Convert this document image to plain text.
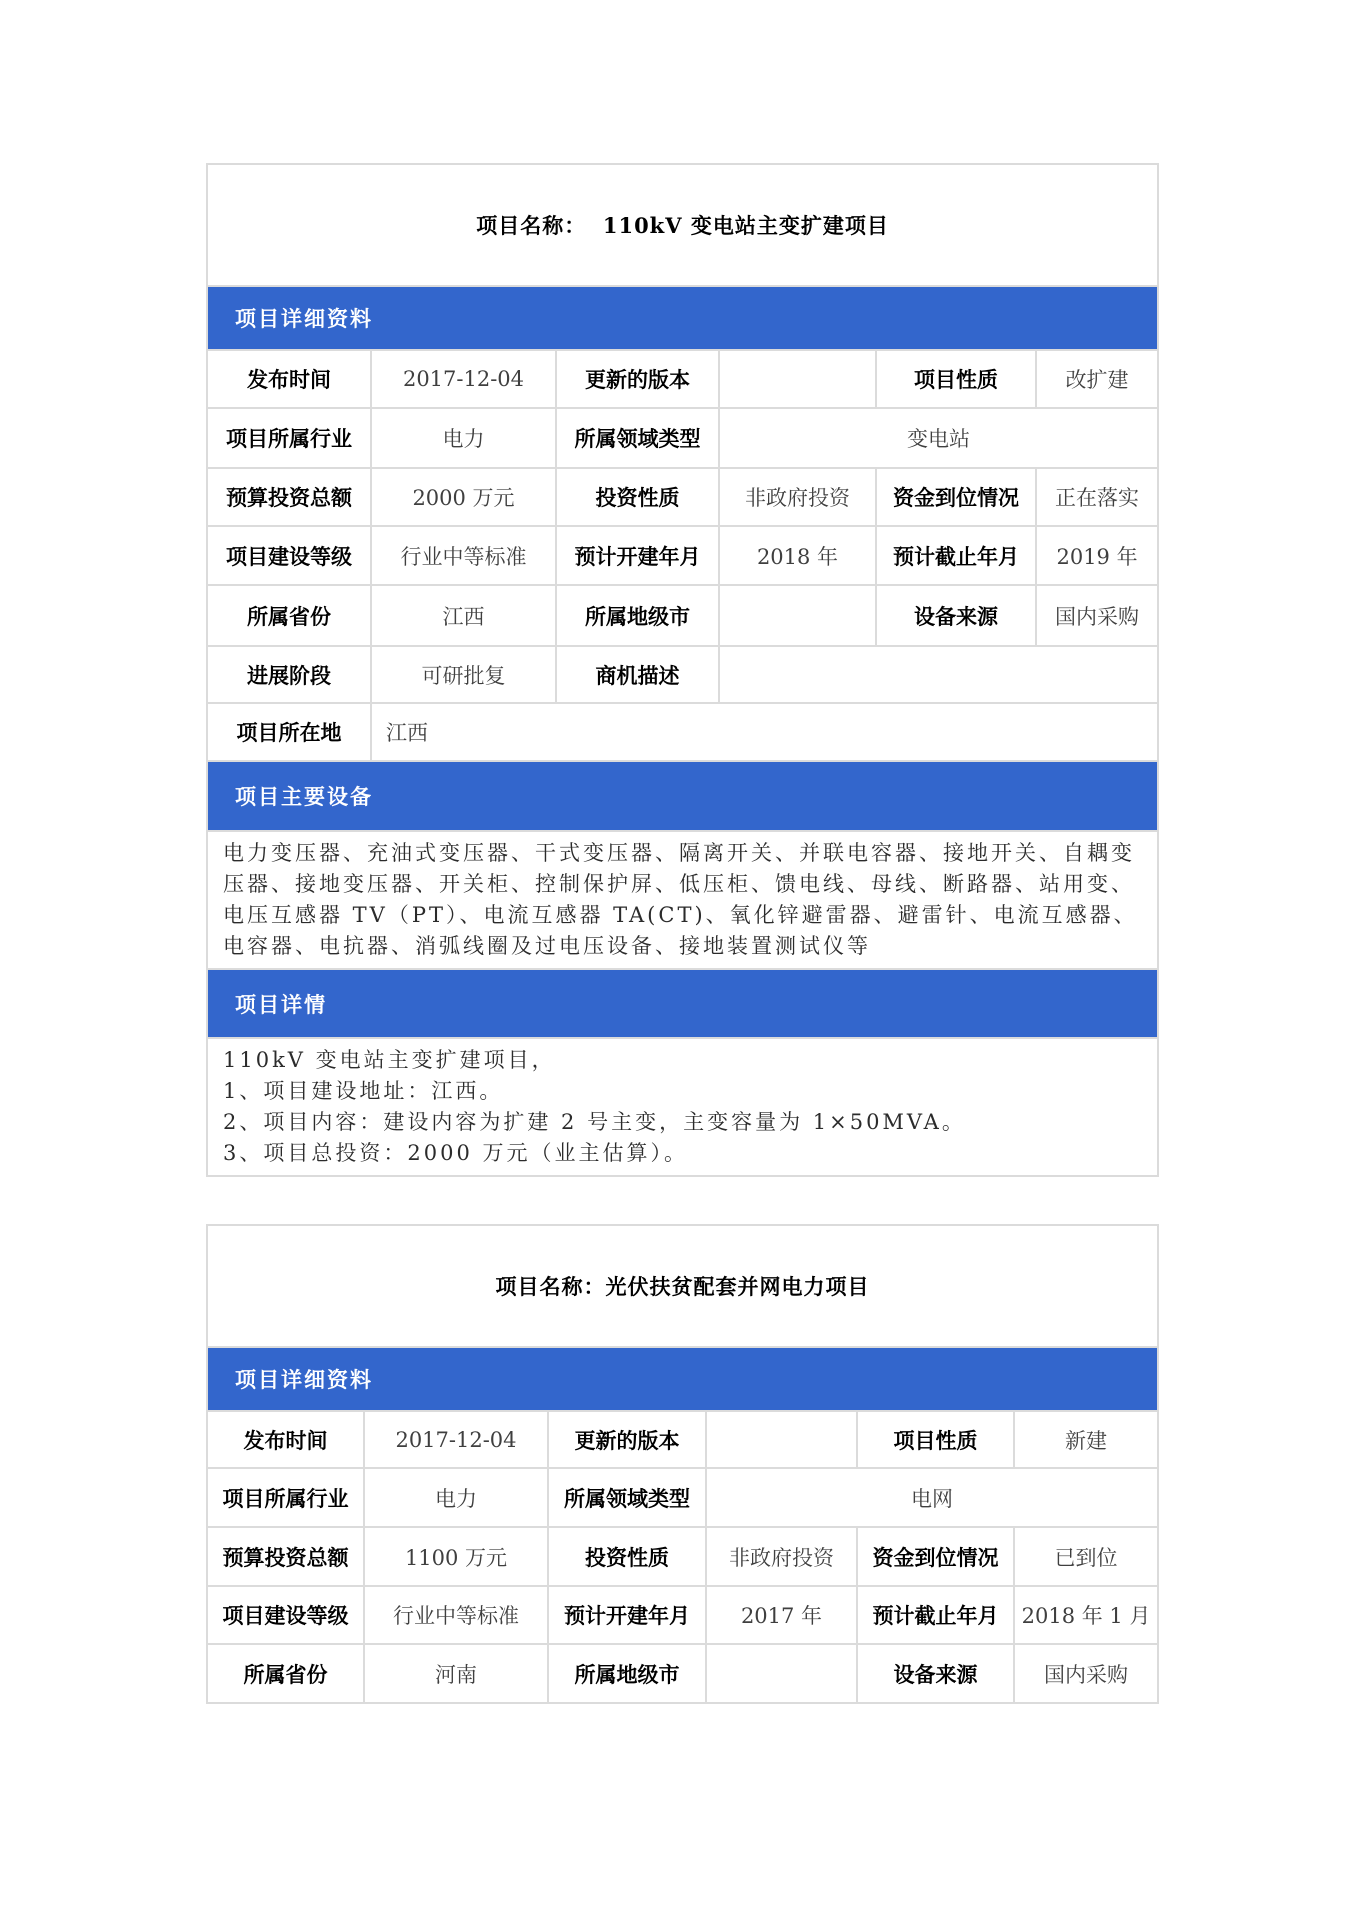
项目名称：  110kV 变电站主变扩建项目					
项目详细资料					
发布时间	2017-12-04	更新的版本		项目性质	改扩建
项目所属行业	电力	所属领域类型	变电站		
预算投资总额	2000 万元	投资性质	非政府投资	资金到位情况	正在落实
项目建设等级	行业中等标准	预计开建年月	2018 年	预计截止年月	2019 年
所属省份	江西	所属地级市		设备来源	国内采购
进展阶段	可研批复	商机描述			
项目所在地	江西				
项目主要设备					
电力变压器、充油式变压器、干式变压器、隔离开关、并联电容器、接地开关、自耦变压器、接地变压器、开关柜、控制保护屏、低压柜、馈电线、母线、断路器、站用变、电压互感器 TV（PT）、电流互感器 TA(CT)、氧化锌避雷器、避雷针、电流互感器、电容器、电抗器、消弧线圈及过电压设备、接地装置测试仪等					
项目详情					

110kV 变电站主变扩建项目，
1、项目建设地址：江西。
2、项目内容：建设内容为扩建 2 号主变，主变容量为 1×50MVA。
3、项目总投资：2000 万元（业主估算）。					
项目名称：光伏扶贫配套并网电力项目					
项目详细资料					
发布时间	2017-12-04	更新的版本		项目性质	新建
项目所属行业	电力	所属领域类型	电网		
预算投资总额	1100 万元	投资性质	非政府投资	资金到位情况	已到位
项目建设等级	行业中等标准	预计开建年月	2017 年	预计截止年月	2018 年 1 月
所属省份	河南	所属地级市		设备来源	国内采购
